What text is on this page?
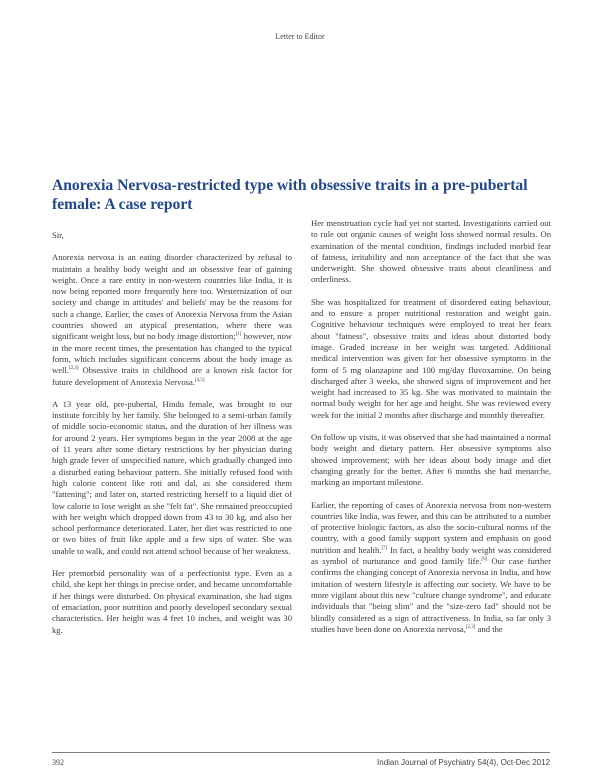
Letter to Editor
Anorexia Nervosa-restricted type with obsessive traits in a pre-pubertal female: A case report

Sir,

Anorexia nervosa is an eating disorder characterized by refusal to maintain a healthy body weight and an obsessive fear of gaining weight. Once a rare entity in non-western countries like India, it is now being reported more frequently here too. Westernization of our society and change in attitudes' and beliefs' may be the reasons for such a change. Earlier, the cases of Anorexia Nervosa from the Asian countries showed an atypical presentation, where there was significant weight loss, but no body image distortion;[1] however, now in the more recent times, the presentation has changed to the typical form, which includes significant concerns about the body image as well.[2,3] Obsessive traits in childhood are a known risk factor for future development of Anorexia Nervosa.[4,5]

A 13 year old, pre-pubertal, Hindu female, was brought to our institute forcibly by her family. She belonged to a semi-urban family of middle socio-economic status, and the duration of her illness was for around 2 years. Her symptoms began in the year 2008 at the age of 11 years after some dietary restrictions by her physician during high grade fever of unspecified nature, which gradually changed into a disturbed eating behaviour pattern. She initially refused food with high calorie content like roti and dal, as she considered them "fattening"; and later on, started restricting herself to a liquid diet of low calorie to lose weight as she "felt fat". She remained preoccupied with her weight which dropped down from 43 to 30 kg, and also her school performance deteriorated. Later, her diet was restricted to one or two bites of fruit like apple and a few sips of water. She was unable to walk, and could not attend school because of her weakness.

Her premorbid personality was of a perfectionist type. Even as a child, she kept her things in precise order, and became uncomfortable if her things were disturbed. On physical examination, she had signs of emaciation, poor nutrition and poorly developed secondary sexual characteristics. Her height was 4 feet 10 inches, and weight was 30 kg.

Her menstruation cycle had yet not started. Investigations carried out to rule out organic causes of weight loss showed normal results. On examination of the mental condition, findings included morbid fear of fatness, irritability and non acceptance of the fact that she was underweight. She showed obsessive traits about cleanliness and orderliness.

She was hospitalized for treatment of disordered eating behaviour, and to ensure a proper nutritional restoration and weight gain. Cognitive behaviour techniques were employed to treat her fears about "fatness", obsessive traits and ideas about distorted body image. Graded increase in her weight was targeted. Additional medical intervention was given for her obsessive symptoms in the form of 5 mg olanzapine and 100 mg/day fluvoxamine. On being discharged after 3 weeks, she showed signs of improvement and her weight had increased to 35 kg. She was motivated to maintain the normal body weight for her age and height. She was reviewed every week for the initial 2 months after discharge and monthly thereafter.

On follow up visits, it was observed that she had maintained a normal body weight and dietary pattern. Her obsessive symptoms also showed improvement; with her ideas about body image and diet changing greatly for the better. After 6 months she had menarche, marking an important milestone.

Earlier, the reporting of cases of Anorexia nervosa from non-western countries like India, was fewer, and this can be attributed to a number of protective biologic factors, as also the socio-cultural norms of the country, with a good family support system and emphasis on good nutrition and health.[7] In fact, a healthy body weight was considered as symbol of nurturance and good family life.[6] Our case further confirms the changing concept of Anorexia nervosa in India, and how imitation of western lifestyle is affecting our society. We have to be more vigilant about this new "culture change syndrome", and educate individuals that "being slim" and the "size-zero fad" should not be blindly considered as a sign of attractiveness. In India, so far only 3 studies have been done on Anorexia nervosa,[2,3] and the

392	Indian Journal of Psychiatry 54(4), Oct-Dec 2012
